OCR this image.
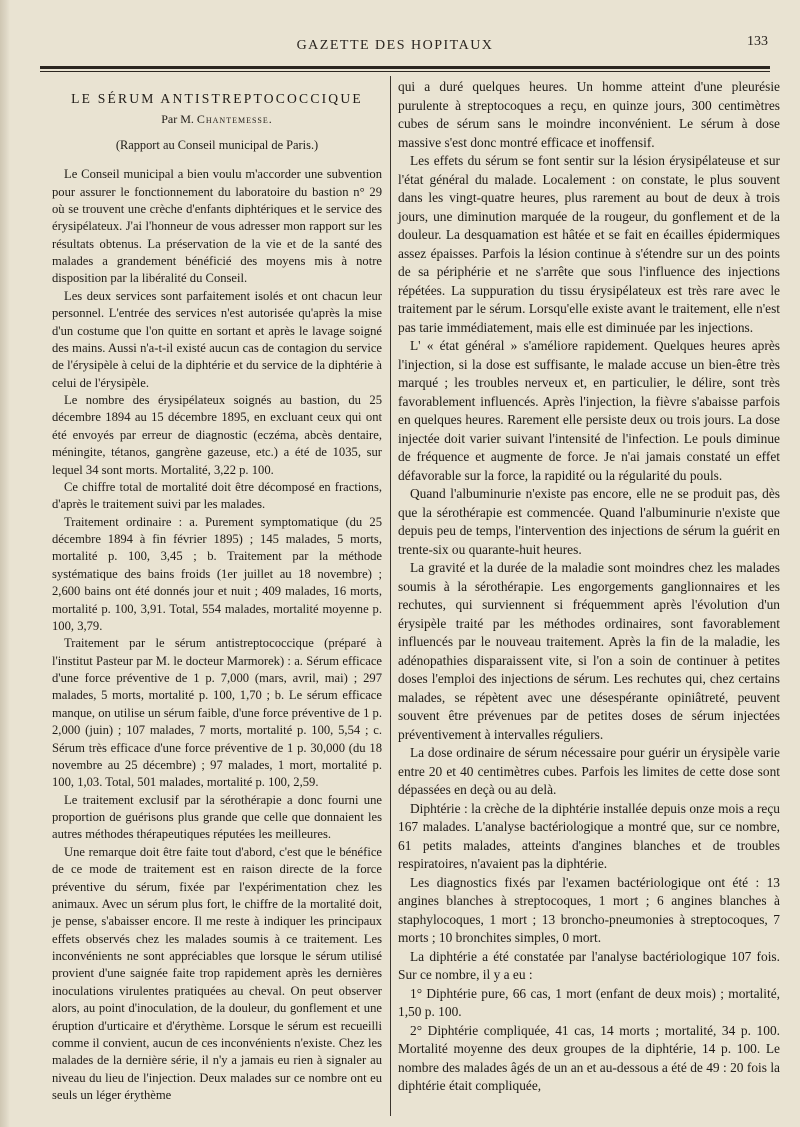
GAZETTE DES HOPITAUX	133
LE SÉRUM ANTISTREPTOCOCCIQUE
Par M. Chantemesse.
(Rapport au Conseil municipal de Paris.)

Le Conseil municipal a bien voulu m'accorder une subvention pour assurer le fonctionnement du laboratoire du bastion n° 29 où se trouvent une crèche d'enfants diphtériques et le service des érysipélateux. J'ai l'honneur de vous adresser mon rapport sur les résultats obtenus. La préservation de la vie et de la santé des malades a grandement bénéficié des moyens mis à notre disposition par la libéralité du Conseil.

Les deux services sont parfaitement isolés et ont chacun leur personnel. L'entrée des services n'est autorisée qu'après la mise d'un costume que l'on quitte en sortant et après le lavage soigné des mains. Aussi n'a-t-il existé aucun cas de contagion du service de l'érysipèle à celui de la diphtérie et du service de la diphtérie à celui de l'érysipèle.

Le nombre des érysipélateux soignés au bastion, du 25 décembre 1894 au 15 décembre 1895, en excluant ceux qui ont été envoyés par erreur de diagnostic (eczéma, abcès dentaire, méningite, tétanos, gangrène gazeuse, etc.) a été de 1035, sur lequel 34 sont morts. Mortalité, 3,22 p. 100.

Ce chiffre total de mortalité doit être décomposé en fractions, d'après le traitement suivi par les malades.

Traitement ordinaire : a. Purement symptomatique (du 25 décembre 1894 à fin février 1895) ; 145 malades, 5 morts, mortalité p. 100, 3,45 ; b. Traitement par la méthode systématique des bains froids (1er juillet au 18 novembre) ; 2,600 bains ont été donnés jour et nuit ; 409 malades, 16 morts, mortalité p. 100, 3,91. Total, 554 malades, mortalité moyenne p. 100, 3,79.

Traitement par le sérum antistreptococcique (préparé à l'institut Pasteur par M. le docteur Marmorek) : a. Sérum efficace d'une force préventive de 1 p. 7,000 (mars, avril, mai) ; 297 malades, 5 morts, mortalité p. 100, 1,70 ; b. Le sérum efficace manque, on utilise un sérum faible, d'une force préventive de 1 p. 2,000 (juin) ; 107 malades, 7 morts, mortalité p. 100, 5,54 ; c. Sérum très efficace d'une force préventive de 1 p. 30,000 (du 18 novembre au 25 décembre) ; 97 malades, 1 mort, mortalité p. 100, 1,03. Total, 501 malades, mortalité p. 100, 2,59.

Le traitement exclusif par la sérothérapie a donc fourni une proportion de guérisons plus grande que celle que donnaient les autres méthodes thérapeutiques réputées les meilleures.

Une remarque doit être faite tout d'abord, c'est que le bénéfice de ce mode de traitement est en raison directe de la force préventive du sérum, fixée par l'expérimentation chez les animaux. Avec un sérum plus fort, le chiffre de la mortalité doit, je pense, s'abaisser encore. Il me reste à indiquer les principaux effets observés chez les malades soumis à ce traitement. Les inconvénients ne sont appréciables que lorsque le sérum utilisé provient d'une saignée faite trop rapidement après les dernières inoculations virulentes pratiquées au cheval. On peut observer alors, au point d'inoculation, de la douleur, du gonflement et une éruption d'urticaire et d'érythème. Lorsque le sérum est recueilli comme il convient, aucun de ces inconvénients n'existe. Chez les malades de la dernière série, il n'y a jamais eu rien à signaler au niveau du lieu de l'injection. Deux malades sur ce nombre ont eu seuls un léger érythème

qui a duré quelques heures. Un homme atteint d'une pleurésie purulente à streptocoques a reçu, en quinze jours, 300 centimètres cubes de sérum sans le moindre inconvénient. Le sérum à dose massive s'est donc montré efficace et inoffensif.

Les effets du sérum se font sentir sur la lésion érysipélateuse et sur l'état général du malade. Localement : on constate, le plus souvent dans les vingt-quatre heures, plus rarement au bout de deux à trois jours, une diminution marquée de la rougeur, du gonflement et de la douleur. La desquamation est hâtée et se fait en écailles épidermiques assez épaisses. Parfois la lésion continue à s'étendre sur un des points de sa périphérie et ne s'arrête que sous l'influence des injections répétées. La suppuration du tissu érysipélateux est très rare avec le traitement par le sérum. Lorsqu'elle existe avant le traitement, elle n'est pas tarie immédiatement, mais elle est diminuée par les injections.

L' « état général » s'améliore rapidement. Quelques heures après l'injection, si la dose est suffisante, le malade accuse un bien-être très marqué ; les troubles nerveux et, en particulier, le délire, sont très favorablement influencés. Après l'injection, la fièvre s'abaisse parfois en quelques heures. Rarement elle persiste deux ou trois jours. La dose injectée doit varier suivant l'intensité de l'infection. Le pouls diminue de fréquence et augmente de force. Je n'ai jamais constaté un effet défavorable sur la force, la rapidité ou la régularité du pouls.

Quand l'albuminurie n'existe pas encore, elle ne se produit pas, dès que la sérothérapie est commencée. Quand l'albuminurie n'existe que depuis peu de temps, l'intervention des injections de sérum la guérit en trente-six ou quarante-huit heures.

La gravité et la durée de la maladie sont moindres chez les malades soumis à la sérothérapie. Les engorgements ganglionnaires et les rechutes, qui surviennent si fréquemment après l'évolution d'un érysipèle traité par les méthodes ordinaires, sont favorablement influencés par le nouveau traitement. Après la fin de la maladie, les adénopathies disparaissent vite, si l'on a soin de continuer à petites doses l'emploi des injections de sérum. Les rechutes qui, chez certains malades, se répètent avec une désespérante opiniâtreté, peuvent souvent être prévenues par de petites doses de sérum injectées préventivement à intervalles réguliers.

La dose ordinaire de sérum nécessaire pour guérir un érysipèle varie entre 20 et 40 centimètres cubes. Parfois les limites de cette dose sont dépassées en deçà ou au delà.

Diphtérie : la crèche de la diphtérie installée depuis onze mois a reçu 167 malades. L'analyse bactériologique a montré que, sur ce nombre, 61 petits malades, atteints d'angines blanches et de troubles respiratoires, n'avaient pas la diphtérie.

Les diagnostics fixés par l'examen bactériologique ont été : 13 angines blanches à streptocoques, 1 mort ; 6 angines blanches à staphylocoques, 1 mort ; 13 broncho-pneumonies à streptocoques, 7 morts ; 10 bronchites simples, 0 mort.

La diphtérie a été constatée par l'analyse bactériologique 107 fois. Sur ce nombre, il y a eu :

1° Diphtérie pure, 66 cas, 1 mort (enfant de deux mois) ; mortalité, 1,50 p. 100.

2° Diphtérie compliquée, 41 cas, 14 morts ; mortalité, 34 p. 100. Mortalité moyenne des deux groupes de la diphtérie, 14 p. 100. Le nombre des malades âgés de un an et au-dessous a été de 49 : 20 fois la diphtérie était compliquée,
